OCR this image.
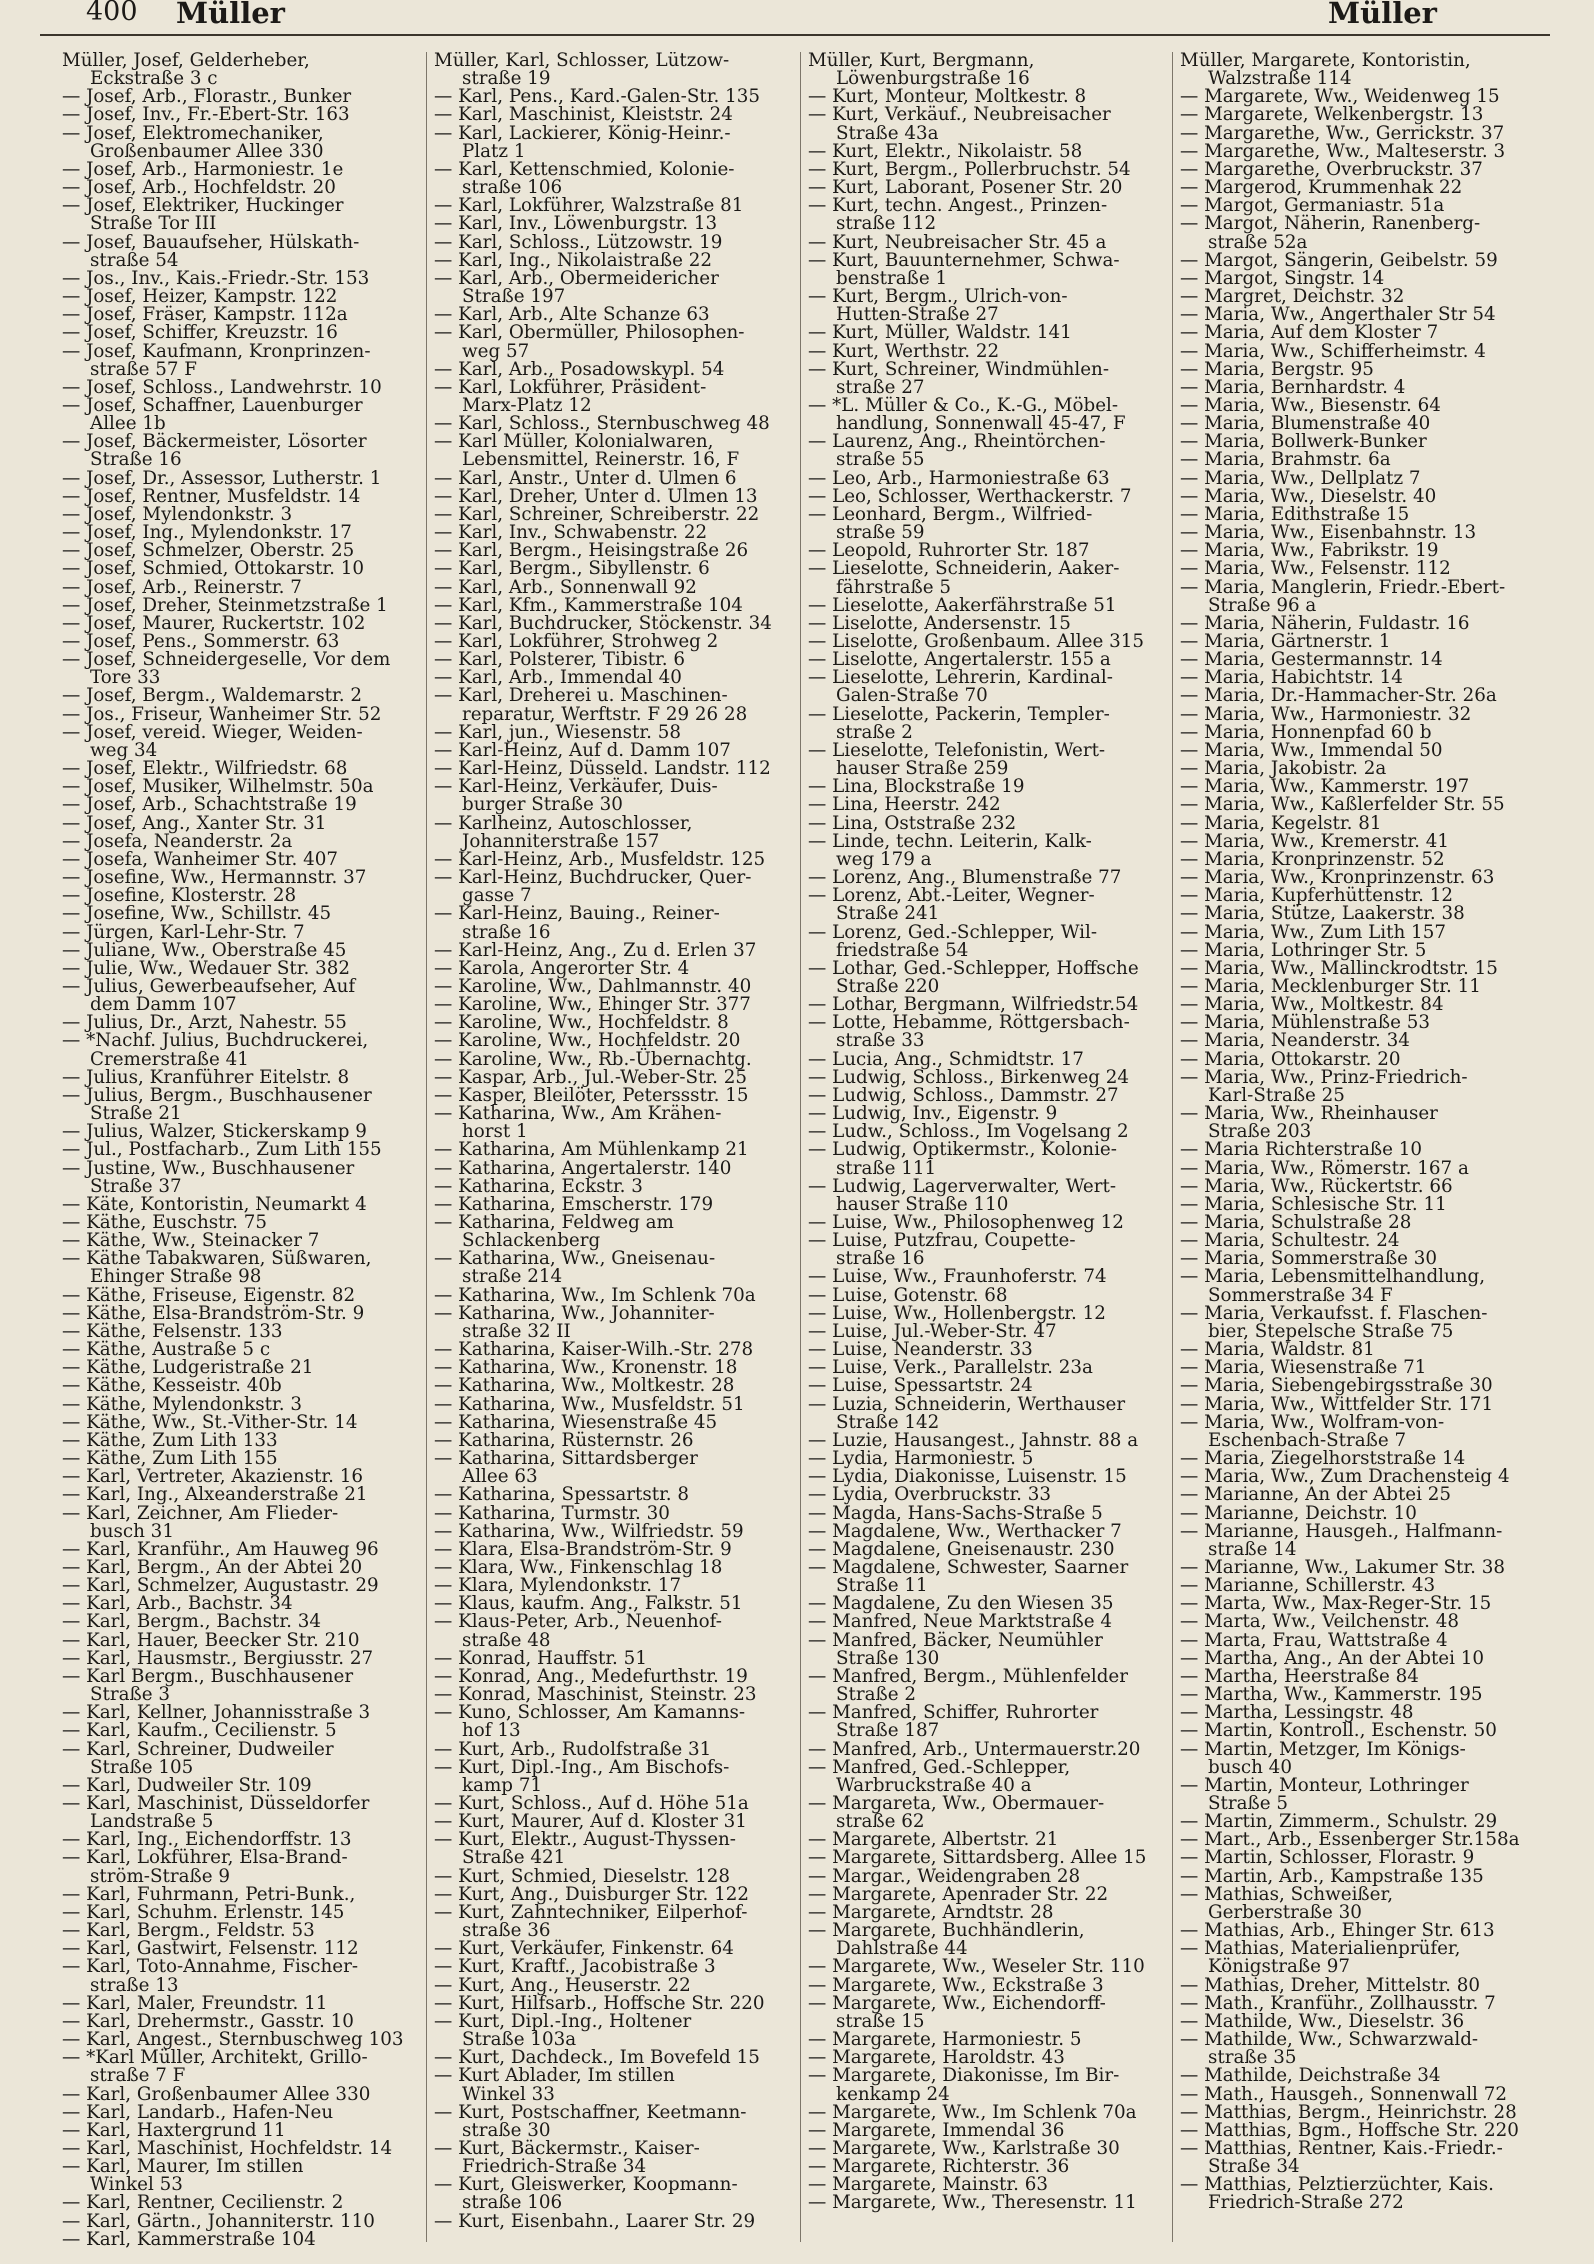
400 Müller	Müller

Müller, Josef, Gelderheber,

Eckstraße 3 c

— Josef, Arb., Florastr., Bunker

— Josef, Inv., Fr.-Ebert-Str. 163

— Josef, Elektromechaniker,

Großenbaumer Allee 330

— Josef, Arb., Harmoniestr. 1e

— Josef, Arb., Hochfeldstr. 20

— Josef, Elektriker, Huckinger

Straße Tor III

— Josef, Bauaufseher, Hülskath-

straße 54

— Jos., Inv., Kais.-Friedr.-Str. 153

— Josef, Heizer, Kampstr. 122

— Josef, Fräser, Kampstr. 112a

— Josef, Schiffer, Kreuzstr. 16

— Josef, Kaufmann, Kronprinzen-

straße 57 F

— Josef, Schloss., Landwehrstr. 10

— Josef, Schaffner, Lauenburger

Allee 1b

— Josef, Bäckermeister, Lösorter

Straße 16

— Josef, Dr., Assessor, Lutherstr. 1

— Josef, Rentner, Musfeldstr. 14

— Josef, Mylendonkstr. 3

— Josef, Ing., Mylendonkstr. 17

— Josef, Schmelzer, Oberstr. 25

— Josef, Schmied, Ottokarstr. 10

— Josef, Arb., Reinerstr. 7

— Josef, Dreher, Steinmetzstraße 1

— Josef, Maurer, Ruckertstr. 102

— Josef, Pens., Sommerstr. 63

— Josef, Schneidergeselle, Vor dem

Tore 33

— Josef, Bergm., Waldemarstr. 2

— Jos., Friseur, Wanheimer Str. 52

— Josef, vereid. Wieger, Weiden-

weg 34

— Josef, Elektr., Wilfriedstr. 68

— Josef, Musiker, Wilhelmstr. 50a

— Josef, Arb., Schachtstraße 19

— Josef, Ang., Xanter Str. 31

— Josefa, Neanderstr. 2a

— Josefa, Wanheimer Str. 407

— Josefine, Ww., Hermannstr. 37

— Josefine, Klosterstr. 28

— Josefine, Ww., Schillstr. 45

— Jürgen, Karl-Lehr-Str. 7

— Juliane, Ww., Oberstraße 45

— Julie, Ww., Wedauer Str. 382

— Julius, Gewerbeaufseher, Auf

dem Damm 107

— Julius, Dr., Arzt, Nahestr. 55

— *Nachf. Julius, Buchdruckerei,

Cremerstraße 41

— Julius, Kranführer Eitelstr. 8

— Julius, Bergm., Buschhausener

Straße 21

— Julius, Walzer, Stickerskamp 9

— Jul., Postfacharb., Zum Lith 155

— Justine, Ww., Buschhausener

Straße 37

— Käte, Kontoristin, Neumarkt 4

— Käthe, Euschstr. 75

— Käthe, Ww., Steinacker 7

— Käthe Tabakwaren, Süßwaren,

Ehinger Straße 98

— Käthe, Friseuse, Eigenstr. 82

— Käthe, Elsa-Brandström-Str. 9

— Käthe, Felsenstr. 133

— Käthe, Austraße 5 c

— Käthe, Ludgeristraße 21

— Käthe, Kesseistr. 40b

— Käthe, Mylendonkstr. 3

— Käthe, Ww., St.-Vither-Str. 14

— Käthe, Zum Lith 133

— Käthe, Zum Lith 155

— Karl, Vertreter, Akazienstr. 16

— Karl, Ing., Alxeanderstraße 21

— Karl, Zeichner, Am Flieder-

busch 31

— Karl, Kranführ., Am Hauweg 96

— Karl, Bergm., An der Abtei 20

— Karl, Schmelzer, Augustastr. 29

— Karl, Arb., Bachstr. 34

— Karl, Bergm., Bachstr. 34

— Karl, Hauer, Beecker Str. 210

— Karl, Hausmstr., Bergiusstr. 27

— Karl Bergm., Buschhausener

Straße 3

— Karl, Kellner, Johannisstraße 3

— Karl, Kaufm., Cecilienstr. 5

— Karl, Schreiner, Dudweiler

Straße 105

— Karl, Dudweiler Str. 109

— Karl, Maschinist, Düsseldorfer

Landstraße 5

— Karl, Ing., Eichendorffstr. 13

— Karl, Lokführer, Elsa-Brand-

ström-Straße 9

— Karl, Fuhrmann, Petri-Bunk.,

— Karl, Schuhm. Erlenstr. 145

— Karl, Bergm., Feldstr. 53

— Karl, Gastwirt, Felsenstr. 112

— Karl, Toto-Annahme, Fischer-

straße 13

— Karl, Maler, Freundstr. 11

— Karl, Drehermstr., Gasstr. 10

— Karl, Angest., Sternbuschweg 103

— *Karl Müller, Architekt, Grillo-

straße 7 F

— Karl, Großenbaumer Allee 330

— Karl, Landarb., Hafen-Neu

— Karl, Haxtergrund 11

— Karl, Maschinist, Hochfeldstr. 14

— Karl, Maurer, Im stillen

Winkel 53

— Karl, Rentner, Cecilienstr. 2

— Karl, Gärtn., Johanniterstr. 110

— Karl, Kammerstraße 104

Müller, Karl, Schlosser, Lützow-

straße 19

— Karl, Pens., Kard.-Galen-Str. 135

— Karl, Maschinist, Kleiststr. 24

— Karl, Lackierer, König-Heinr.-

Platz 1

— Karl, Kettenschmied, Kolonie-

straße 106

— Karl, Lokführer, Walzstraße 81

— Karl, Inv., Löwenburgstr. 13

— Karl, Schloss., Lützowstr. 19

— Karl, Ing., Nikolaistraße 22

— Karl, Arb., Obermeidericher

Straße 197

— Karl, Arb., Alte Schanze 63

— Karl, Obermüller, Philosophen-

weg 57

— Karl, Arb., Posadowskypl. 54

— Karl, Lokführer, Präsident-

Marx-Platz 12

— Karl, Schloss., Sternbuschweg 48

— Karl Müller, Kolonialwaren,

Lebensmittel, Reinerstr. 16, F

— Karl, Anstr., Unter d. Ulmen 6

— Karl, Dreher, Unter d. Ulmen 13

— Karl, Schreiner, Schreiberstr. 22

— Karl, Inv., Schwabenstr. 22

— Karl, Bergm., Heisingstraße 26

— Karl, Bergm., Sibyllenstr. 6

— Karl, Arb., Sonnenwall 92

— Karl, Kfm., Kammerstraße 104

— Karl, Buchdrucker, Stöckenstr. 34

— Karl, Lokführer, Strohweg 2

— Karl, Polsterer, Tibistr. 6

— Karl, Arb., Immendal 40

— Karl, Dreherei u. Maschinen-

reparatur, Werftstr. F 29 26 28

— Karl, jun., Wiesenstr. 58

— Karl-Heinz, Auf d. Damm 107

— Karl-Heinz, Düsseld. Landstr. 112

— Karl-Heinz, Verkäufer, Duis-

burger Straße 30

— Karlheinz, Autoschlosser,

Johanniterstraße 157

— Karl-Heinz, Arb., Musfeldstr. 125

— Karl-Heinz, Buchdrucker, Quer-

gasse 7

— Karl-Heinz, Bauing., Reiner-

straße 16

— Karl-Heinz, Ang., Zu d. Erlen 37

— Karola, Angerorter Str. 4

— Karoline, Ww., Dahlmannstr. 40

— Karoline, Ww., Ehinger Str. 377

— Karoline, Ww., Hochfeldstr. 8

— Karoline, Ww., Hochfeldstr. 20

— Karoline, Ww., Rb.-Übernachtg.

— Kaspar, Arb., Jul.-Weber-Str. 25

— Kasper, Bleilöter, Peterssstr. 15

— Katharina, Ww., Am Krähen-

horst 1

— Katharina, Am Mühlenkamp 21

— Katharina, Angertalerstr. 140

— Katharina, Eckstr. 3

— Katharina, Emscherstr. 179

— Katharina, Feldweg am

Schlackenberg

— Katharina, Ww., Gneisenau-

straße 214

— Katharina, Ww., Im Schlenk 70a

— Katharina, Ww., Johanniter-

straße 32 II

— Katharina, Kaiser-Wilh.-Str. 278

— Katharina, Ww., Kronenstr. 18

— Katharina, Ww., Moltkestr. 28

— Katharina, Ww., Musfeldstr. 51

— Katharina, Wiesenstraße 45

— Katharina, Rüsternstr. 26

— Katharina, Sittardsberger

Allee 63

— Katharina, Spessartstr. 8

— Katharina, Turmstr. 30

— Katharina, Ww., Wilfriedstr. 59

— Klara, Elsa-Brandström-Str. 9

— Klara, Ww., Finkenschlag 18

— Klara, Mylendonkstr. 17

— Klaus, kaufm. Ang., Falkstr. 51

— Klaus-Peter, Arb., Neuenhof-

straße 48

— Konrad, Hauffstr. 51

— Konrad, Ang., Medefurthstr. 19

— Konrad, Maschinist, Steinstr. 23

— Kuno, Schlosser, Am Kamanns-

hof 13

— Kurt, Arb., Rudolfstraße 31

— Kurt, Dipl.-Ing., Am Bischofs-

kamp 71

— Kurt, Schloss., Auf d. Höhe 51a

— Kurt, Maurer, Auf d. Kloster 31

— Kurt, Elektr., August-Thyssen-

Straße 421

— Kurt, Schmied, Dieselstr. 128

— Kurt, Ang., Duisburger Str. 122

— Kurt, Zahntechniker, Eilperhof-

straße 36

— Kurt, Verkäufer, Finkenstr. 64

— Kurt, Kraftf., Jacobistraße 3

— Kurt, Ang., Heuserstr. 22

— Kurt, Hilfsarb., Hoffsche Str. 220

— Kurt, Dipl.-Ing., Holtener

Straße 103a

— Kurt, Dachdeck., Im Bovefeld 15

— Kurt Ablader, Im stillen

Winkel 33

— Kurt, Postschaffner, Keetmann-

straße 30

— Kurt, Bäckermstr., Kaiser-

Friedrich-Straße 34

— Kurt, Gleiswerker, Koopmann-

straße 106

— Kurt, Eisenbahn., Laarer Str. 29

Müller, Kurt, Bergmann,

Löwenburgstraße 16

— Kurt, Monteur, Moltkestr. 8

— Kurt, Verkäuf., Neubreisacher

Straße 43a

— Kurt, Elektr., Nikolaistr. 58

— Kurt, Bergm., Pollerbruchstr. 54

— Kurt, Laborant, Posener Str. 20

— Kurt, techn. Angest., Prinzen-

straße 112

— Kurt, Neubreisacher Str. 45 a

— Kurt, Bauunternehmer, Schwa-

benstraße 1

— Kurt, Bergm., Ulrich-von-

Hutten-Straße 27

— Kurt, Müller, Waldstr. 141

— Kurt, Werthstr. 22

— Kurt, Schreiner, Windmühlen-

straße 27

— *L. Müller & Co., K.-G., Möbel-

handlung, Sonnenwall 45-47, F

— Laurenz, Ang., Rheintörchen-

straße 55

— Leo, Arb., Harmoniestraße 63

— Leo, Schlosser, Werthackerstr. 7

— Leonhard, Bergm., Wilfried-

straße 59

— Leopold, Ruhrorter Str. 187

— Lieselotte, Schneiderin, Aaker-

fährstraße 5

— Lieselotte, Aakerfährstraße 51

— Liselotte, Andersenstr. 15

— Liselotte, Großenbaum. Allee 315

— Liselotte, Angertalerstr. 155 a

— Lieselotte, Lehrerin, Kardinal-

Galen-Straße 70

— Lieselotte, Packerin, Templer-

straße 2

— Lieselotte, Telefonistin, Wert-

hauser Straße 259

— Lina, Blockstraße 19

— Lina, Heerstr. 242

— Lina, Oststraße 232

— Linde, techn. Leiterin, Kalk-

weg 179 a

— Lorenz, Ang., Blumenstraße 77

— Lorenz, Abt.-Leiter, Wegner-

Straße 241

— Lorenz, Ged.-Schlepper, Wil-

friedstraße 54

— Lothar, Ged.-Schlepper, Hoffsche

Straße 220

— Lothar, Bergmann, Wilfriedstr.54

— Lotte, Hebamme, Röttgersbach-

straße 33

— Lucia, Ang., Schmidtstr. 17

— Ludwig, Schloss., Birkenweg 24

— Ludwig, Schloss., Dammstr. 27

— Ludwig, Inv., Eigenstr. 9

— Ludw., Schloss., Im Vogelsang 2

— Ludwig, Optikermstr., Kolonie-

straße 111

— Ludwig, Lagerverwalter, Wert-

hauser Straße 110

— Luise, Ww., Philosophenweg 12

— Luise, Putzfrau, Coupette-

straße 16

— Luise, Ww., Fraunhoferstr. 74

— Luise, Gotenstr. 68

— Luise, Ww., Hollenbergstr. 12

— Luise, Jul.-Weber-Str. 47

— Luise, Neanderstr. 33

— Luise, Verk., Parallelstr. 23a

— Luise, Spessartstr. 24

— Luzia, Schneiderin, Werthauser

Straße 142

— Luzie, Hausangest., Jahnstr. 88 a

— Lydia, Harmoniestr. 5

— Lydia, Diakonisse, Luisenstr. 15

— Lydia, Overbruckstr. 33

— Magda, Hans-Sachs-Straße 5

— Magdalene, Ww., Werthacker 7

— Magdalene, Gneisenaustr. 230

— Magdalene, Schwester, Saarner

Straße 11

— Magdalene, Zu den Wiesen 35

— Manfred, Neue Marktstraße 4

— Manfred, Bäcker, Neumühler

Straße 130

— Manfred, Bergm., Mühlenfelder

Straße 2

— Manfred, Schiffer, Ruhrorter

Straße 187

— Manfred, Arb., Untermauerstr.20

— Manfred, Ged.-Schlepper,

Warbruckstraße 40 a

— Margareta, Ww., Obermauer-

straße 62

— Margarete, Albertstr. 21

— Margarete, Sittardsberg. Allee 15

— Margar., Weidengraben 28

— Margarete, Apenrader Str. 22

— Margarete, Arndtstr. 28

— Margarete, Buchhändlerin,

Dahlstraße 44

— Margarete, Ww., Weseler Str. 110

— Margarete, Ww., Eckstraße 3

— Margarete, Ww., Eichendorff-

straße 15

— Margarete, Harmoniestr. 5

— Margarete, Haroldstr. 43

— Margarete, Diakonisse, Im Bir-

kenkamp 24

— Margarete, Ww., Im Schlenk 70a

— Margarete, Immendal 36

— Margarete, Ww., Karlstraße 30

— Margarete, Richterstr. 36

— Margarete, Mainstr. 63

— Margarete, Ww., Theresenstr. 11

Müller, Margarete, Kontoristin,

Walzstraße 114

— Margarete, Ww., Weidenweg 15

— Margarete, Welkenbergstr. 13

— Margarethe, Ww., Gerrickstr. 37

— Margarethe, Ww., Malteserstr. 3

— Margarethe, Overbruckstr. 37

— Margerod, Krummenhak 22

— Margot, Germaniastr. 51a

— Margot, Näherin, Ranenberg-

straße 52a

— Margot, Sängerin, Geibelstr. 59

— Margot, Singstr. 14

— Margret, Deichstr. 32

— Maria, Ww., Angerthaler Str 54

— Maria, Auf dem Kloster 7

— Maria, Ww., Schifferheimstr. 4

— Maria, Bergstr. 95

— Maria, Bernhardstr. 4

— Maria, Ww., Biesenstr. 64

— Maria, Blumenstraße 40

— Maria, Bollwerk-Bunker

— Maria, Brahmstr. 6a

— Maria, Ww., Dellplatz 7

— Maria, Ww., Dieselstr. 40

— Maria, Edithstraße 15

— Maria, Ww., Eisenbahnstr. 13

— Maria, Ww., Fabrikstr. 19

— Maria, Ww., Felsenstr. 112

— Maria, Manglerin, Friedr.-Ebert-

Straße 96 a

— Maria, Näherin, Fuldastr. 16

— Maria, Gärtnerstr. 1

— Maria, Gestermannstr. 14

— Maria, Habichtstr. 14

— Maria, Dr.-Hammacher-Str. 26a

— Maria, Ww., Harmoniestr. 32

— Maria, Honnenpfad 60 b

— Maria, Ww., Immendal 50

— Maria, Jakobistr. 2a

— Maria, Ww., Kammerstr. 197

— Maria, Ww., Kaßlerfelder Str. 55

— Maria, Kegelstr. 81

— Maria, Ww., Kremerstr. 41

— Maria, Kronprinzenstr. 52

— Maria, Ww., Kronprinzenstr. 63

— Maria, Kupferhüttenstr. 12

— Maria, Stütze, Laakerstr. 38

— Maria, Ww., Zum Lith 157

— Maria, Lothringer Str. 5

— Maria, Ww., Mallinckrodtstr. 15

— Maria, Mecklenburger Str. 11

— Maria, Ww., Moltkestr. 84

— Maria, Mühlenstraße 53

— Maria, Neanderstr. 34

— Maria, Ottokarstr. 20

— Maria, Ww., Prinz-Friedrich-

Karl-Straße 25

— Maria, Ww., Rheinhauser

Straße 203

— Maria Richterstraße 10

— Maria, Ww., Römerstr. 167 a

— Maria, Ww., Rückertstr. 66

— Maria, Schlesische Str. 11

— Maria, Schulstraße 28

— Maria, Schultestr. 24

— Maria, Sommerstraße 30

— Maria, Lebensmittelhandlung,

Sommerstraße 34 F

— Maria, Verkaufsst. f. Flaschen-

bier, Stepelsche Straße 75

— Maria, Waldstr. 81

— Maria, Wiesenstraße 71

— Maria, Siebengebirgsstraße 30

— Maria, Ww., Wittfelder Str. 171

— Maria, Ww., Wolfram-von-

Eschenbach-Straße 7

— Maria, Ziegelhorststraße 14

— Maria, Ww., Zum Drachensteig 4

— Marianne, An der Abtei 25

— Marianne, Deichstr. 10

— Marianne, Hausgeh., Halfmann-

straße 14

— Marianne, Ww., Lakumer Str. 38

— Marianne, Schillerstr. 43

— Marta, Ww., Max-Reger-Str. 15

— Marta, Ww., Veilchenstr. 48

— Marta, Frau, Wattstraße 4

— Martha, Ang., An der Abtei 10

— Martha, Heerstraße 84

— Martha, Ww., Kammerstr. 195

— Martha, Lessingstr. 48

— Martin, Kontroll., Eschenstr. 50

— Martin, Metzger, Im Königs-

busch 40

— Martin, Monteur, Lothringer

Straße 5

— Martin, Zimmerm., Schulstr. 29

— Mart., Arb., Essenberger Str.158a

— Martin, Schlosser, Florastr. 9

— Martin, Arb., Kampstraße 135

— Mathias, Schweißer,

Gerberstraße 30

— Mathias, Arb., Ehinger Str. 613

— Mathias, Materialienprüfer,

Königstraße 97

— Mathias, Dreher, Mittelstr. 80

— Math., Kranführ., Zollhausstr. 7

— Mathilde, Ww., Dieselstr. 36

— Mathilde, Ww., Schwarzwald-

straße 35

— Mathilde, Deichstraße 34

— Math., Hausgeh., Sonnenwall 72

— Matthias, Bergm., Heinrichstr. 28

— Matthias, Bgm., Hoffsche Str. 220

— Matthias, Rentner, Kais.-Friedr.-

Straße 34

— Matthias, Pelztierzüchter, Kais.

Friedrich-Straße 272
